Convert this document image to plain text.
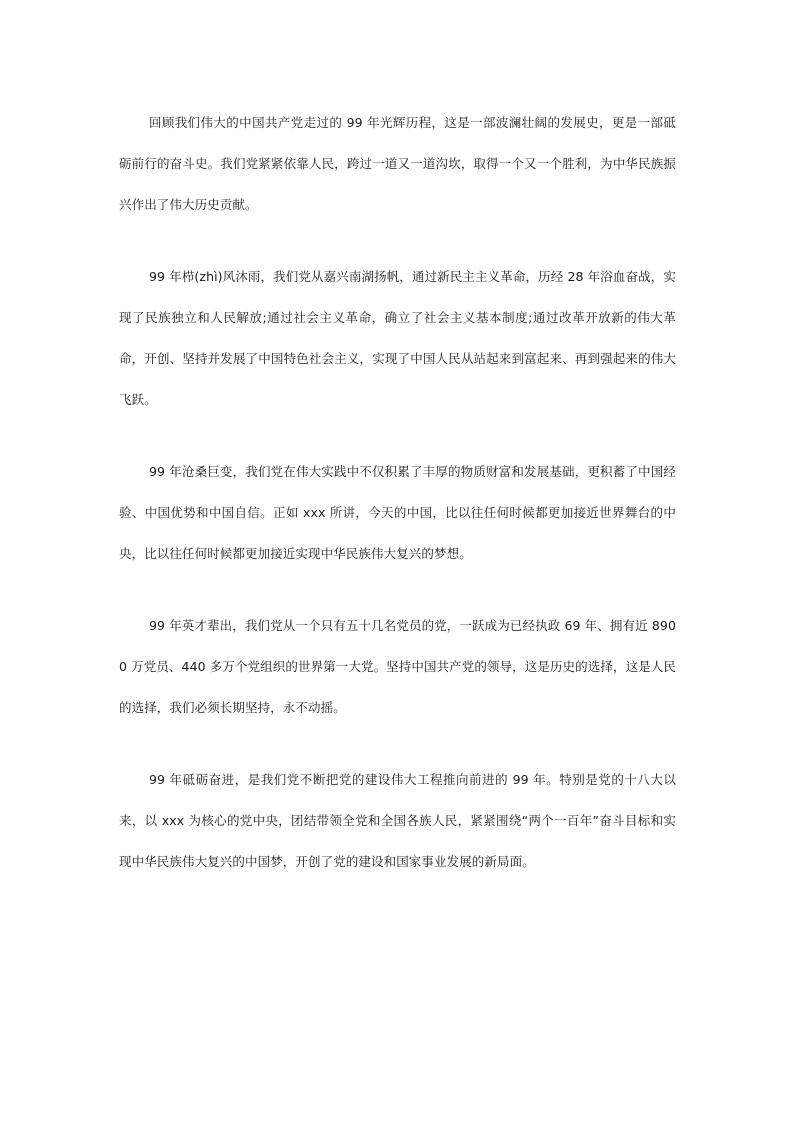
回顾我们伟大的中国共产党走过的 99 年光辉历程，这是一部波澜壮阔的发展史，更是一部砥砺前行的奋斗史。我们党紧紧依靠人民，跨过一道又一道沟坎，取得一个又一个胜利，为中华民族振兴作出了伟大历史贡献。

99 年栉(zhì)风沐雨，我们党从嘉兴南湖扬帆，通过新民主主义革命，历经 28 年浴血奋战，实现了民族独立和人民解放;通过社会主义革命，确立了社会主义基本制度;通过改革开放新的伟大革命，开创、坚持并发展了中国特色社会主义，实现了中国人民从站起来到富起来、再到强起来的伟大飞跃。

99 年沧桑巨变，我们党在伟大实践中不仅积累了丰厚的物质财富和发展基础，更积蓄了中国经验、中国优势和中国自信。正如 xxx 所讲，今天的中国，比以往任何时候都更加接近世界舞台的中央，比以往任何时候都更加接近实现中华民族伟大复兴的梦想。

99 年英才辈出，我们党从一个只有五十几名党员的党，一跃成为已经执政 69 年、拥有近 8900 万党员、440 多万个党组织的世界第一大党。坚持中国共产党的领导，这是历史的选择，这是人民的选择，我们必须长期坚持，永不动摇。

99 年砥砺奋进，是我们党不断把党的建设伟大工程推向前进的 99 年。特别是党的十八大以来，以 xxx 为核心的党中央，团结带领全党和全国各族人民，紧紧围绕“两个一百年”奋斗目标和实现中华民族伟大复兴的中国梦，开创了党的建设和国家事业发展的新局面。
